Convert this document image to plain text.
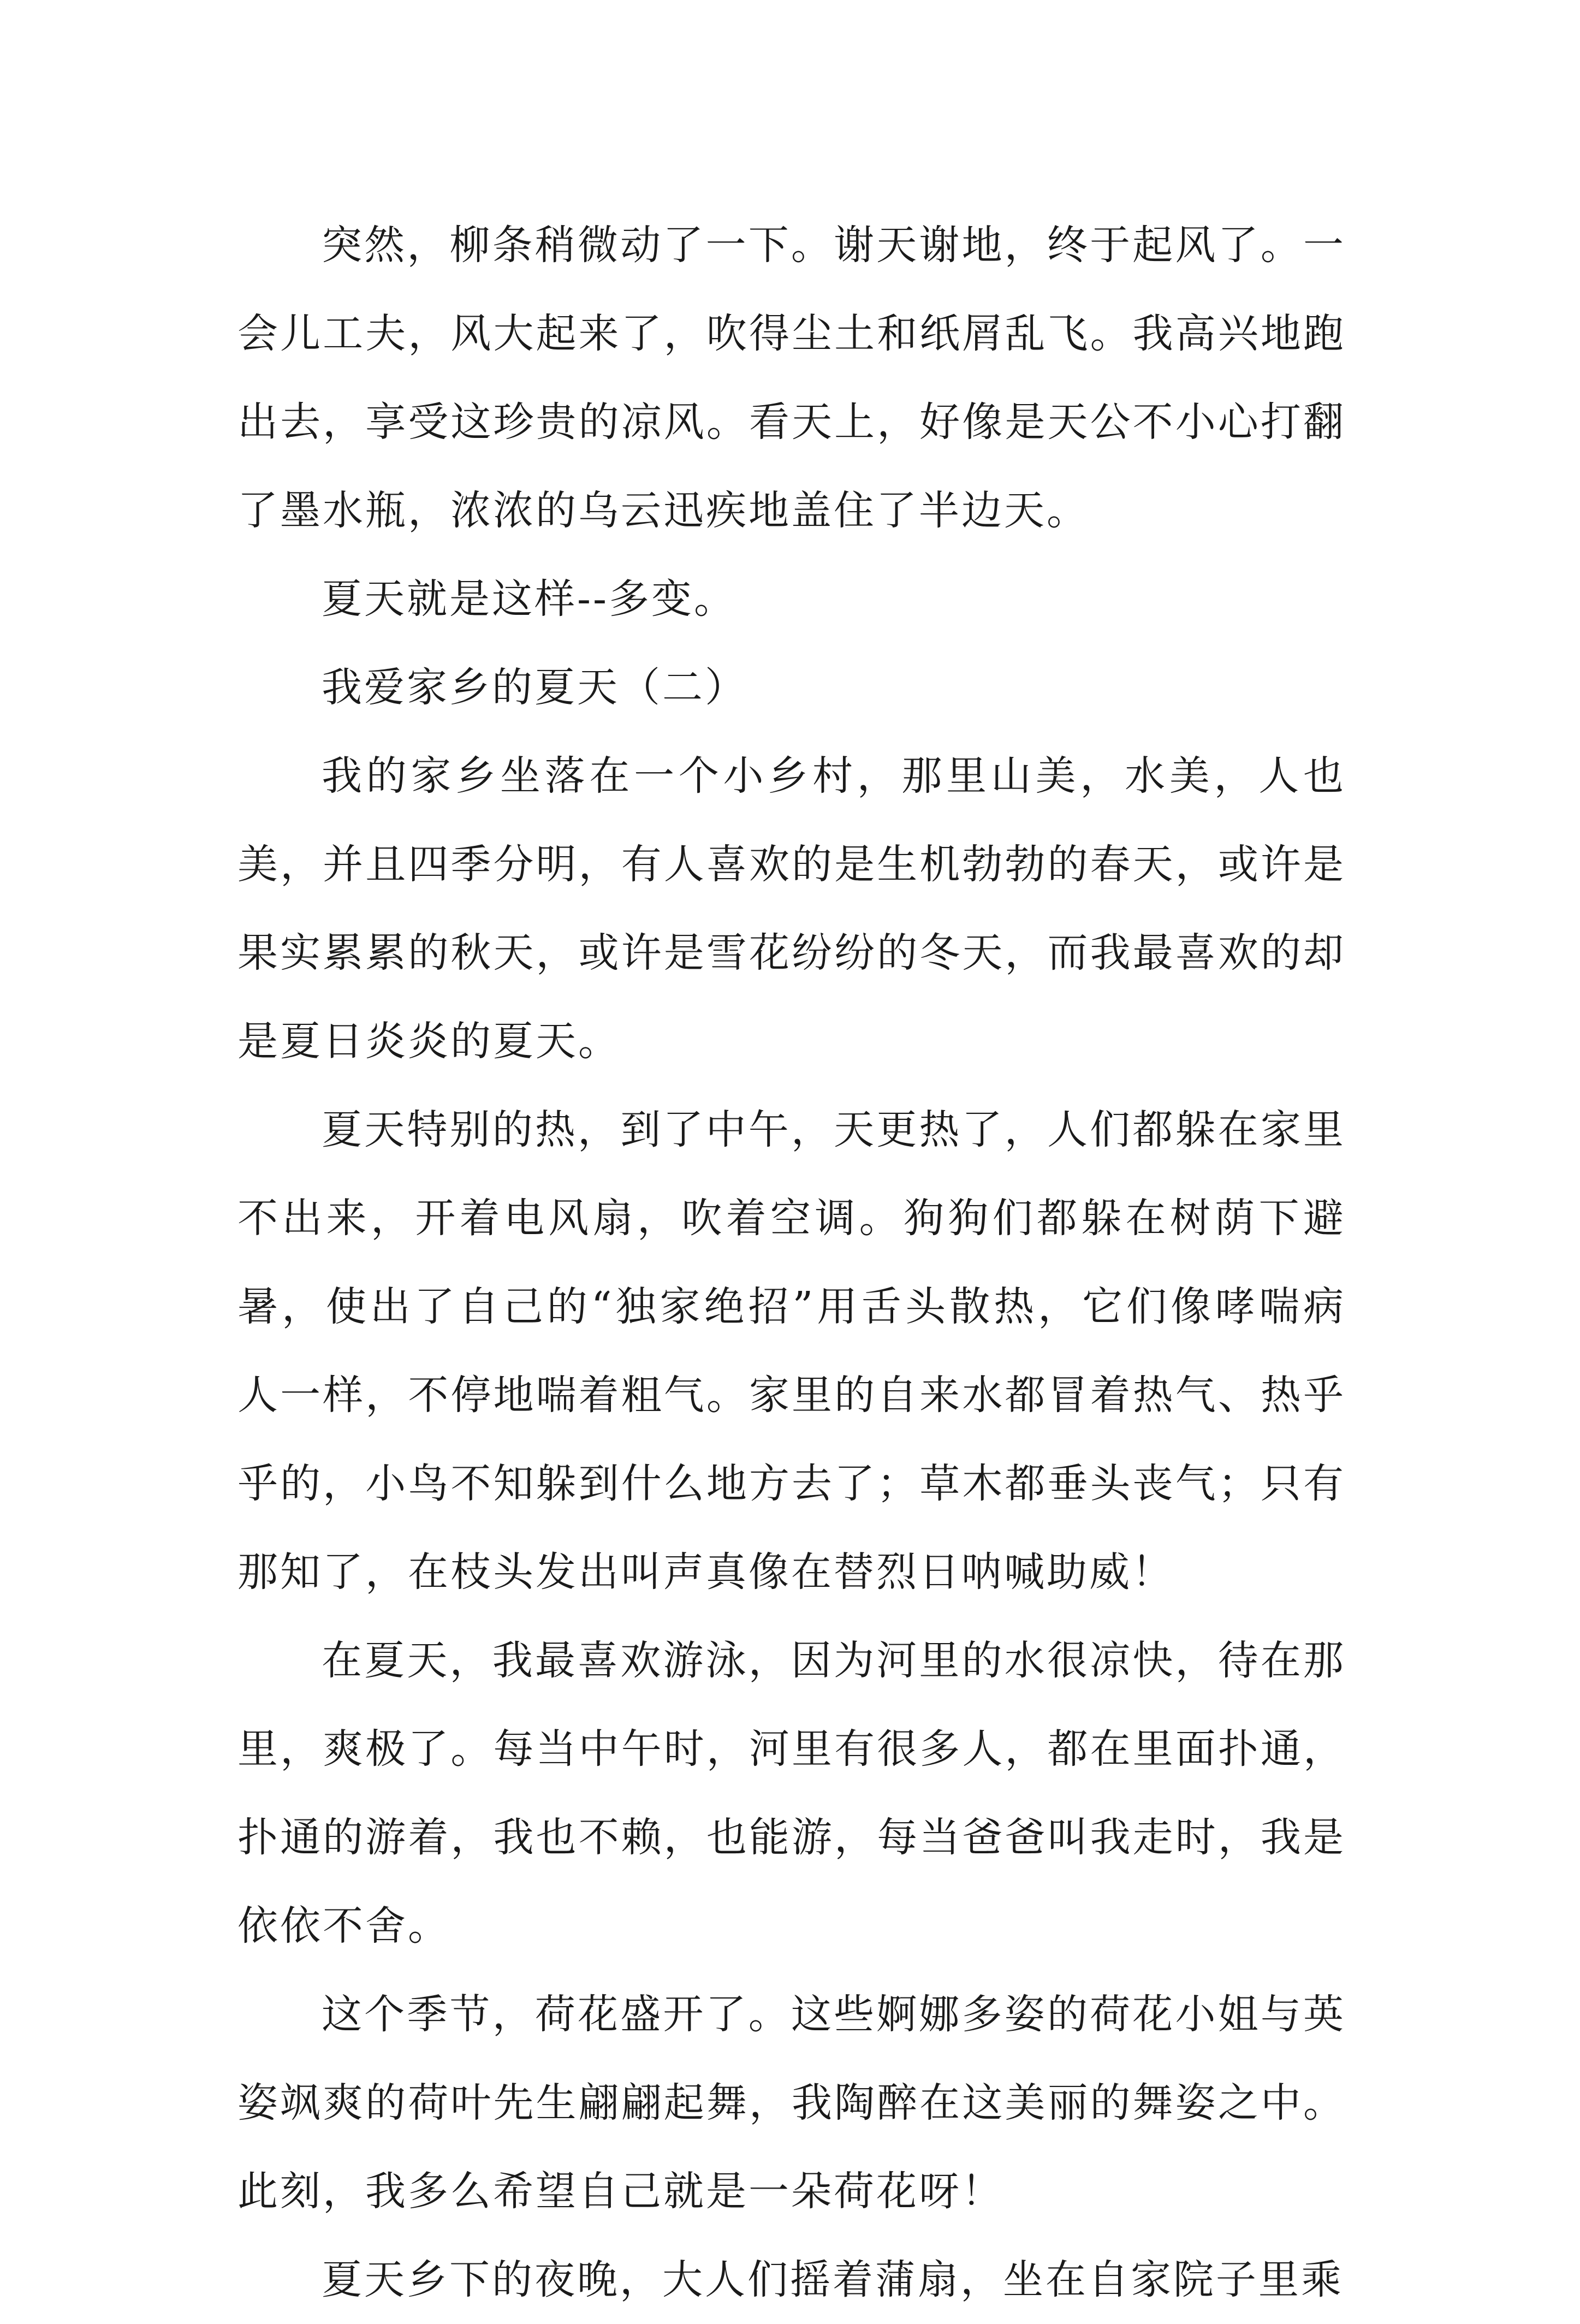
突然，柳条稍微动了一下。谢天谢地，终于起风了。一会儿工夫，风大起来了，吹得尘土和纸屑乱飞。我高兴地跑出去，享受这珍贵的凉风。看天上，好像是天公不小心打翻了墨水瓶，浓浓的乌云迅疾地盖住了半边天。

夏天就是这样--多变。

我爱家乡的夏天（二）

我的家乡坐落在一个小乡村，那里山美，水美，人也美，并且四季分明，有人喜欢的是生机勃勃的春天，或许是果实累累的秋天，或许是雪花纷纷的冬天，而我最喜欢的却是夏日炎炎的夏天。

夏天特别的热，到了中午，天更热了，人们都躲在家里不出来，开着电风扇，吹着空调。狗狗们都躲在树荫下避暑，使出了自己的“独家绝招”用舌头散热，它们像哮喘病人一样，不停地喘着粗气。家里的自来水都冒着热气、热乎乎的，小鸟不知躲到什么地方去了；草木都垂头丧气；只有那知了，在枝头发出叫声真像在替烈日呐喊助威！

在夏天，我最喜欢游泳，因为河里的水很凉快，待在那里，爽极了。每当中午时，河里有很多人，都在里面扑通，扑通的游着，我也不赖，也能游，每当爸爸叫我走时，我是依依不舍。

这个季节，荷花盛开了。这些婀娜多姿的荷花小姐与英姿飒爽的荷叶先生翩翩起舞，我陶醉在这美丽的舞姿之中。此刻，我多么希望自己就是一朵荷花呀！

夏天乡下的夜晚，大人们摇着蒲扇，坐在自家院子里乘
